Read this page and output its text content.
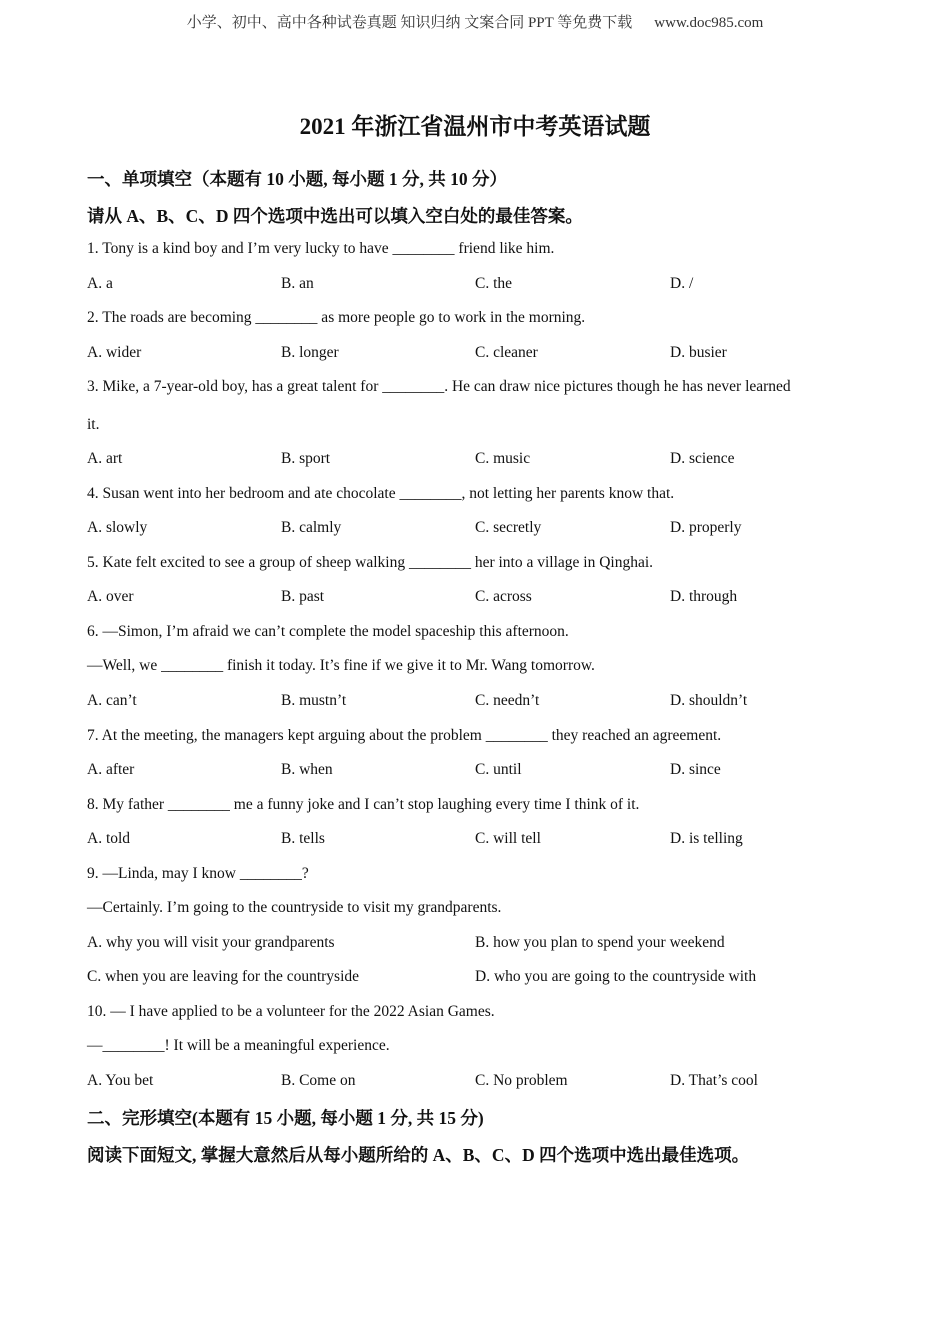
小学、初中、高中各种试卷真题 知识归纳 文案合同 PPT 等免费下载 www.doc985.com
2021 年浙江省温州市中考英语试题
一、单项填空（本题有 10 小题, 每小题 1 分, 共 10 分）
请从 A、B、C、D 四个选项中选出可以填入空白处的最佳答案。
1. Tony is a kind boy and I’m very lucky to have ________ friend like him.
A. a	B. an	C. the	D. /
2. The roads are becoming ________ as more people go to work in the morning.
A. wider	B. longer	C. cleaner	D. busier
3. Mike, a 7-year-old boy, has a great talent for ________. He can draw nice pictures though he has never learned
it.
A. art	B. sport	C. music	D. science
4. Susan went into her bedroom and ate chocolate ________, not letting her parents know that.
A. slowly	B. calmly	C. secretly	D. properly
5. Kate felt excited to see a group of sheep walking ________ her into a village in Qinghai.
A. over	B. past	C. across	D. through
6. —Simon, I’m afraid we can’t complete the model spaceship this afternoon.
—Well, we ________ finish it today. It’s fine if we give it to Mr. Wang tomorrow.
A. can’t	B. mustn’t	C. needn’t	D. shouldn’t
7. At the meeting, the managers kept arguing about the problem ________ they reached an agreement.
A. after	B. when	C. until	D. since
8. My father ________ me a funny joke and I can’t stop laughing every time I think of it.
A. told	B. tells	C. will tell	D. is telling
9. —Linda, may I know ________?
—Certainly. I’m going to the countryside to visit my grandparents.
A. why you will visit your grandparents	B. how you plan to spend your weekend
C. when you are leaving for the countryside	D. who you are going to the countryside with
10. — I have applied to be a volunteer for the 2022 Asian Games.
—________! It will be a meaningful experience.
A. You bet	B. Come on	C. No problem	D. That’s cool
二、完形填空(本题有 15 小题, 每小题 1 分, 共 15 分)
阅读下面短文, 掌握大意然后从每小题所给的 A、B、C、D 四个选项中选出最佳选项。
